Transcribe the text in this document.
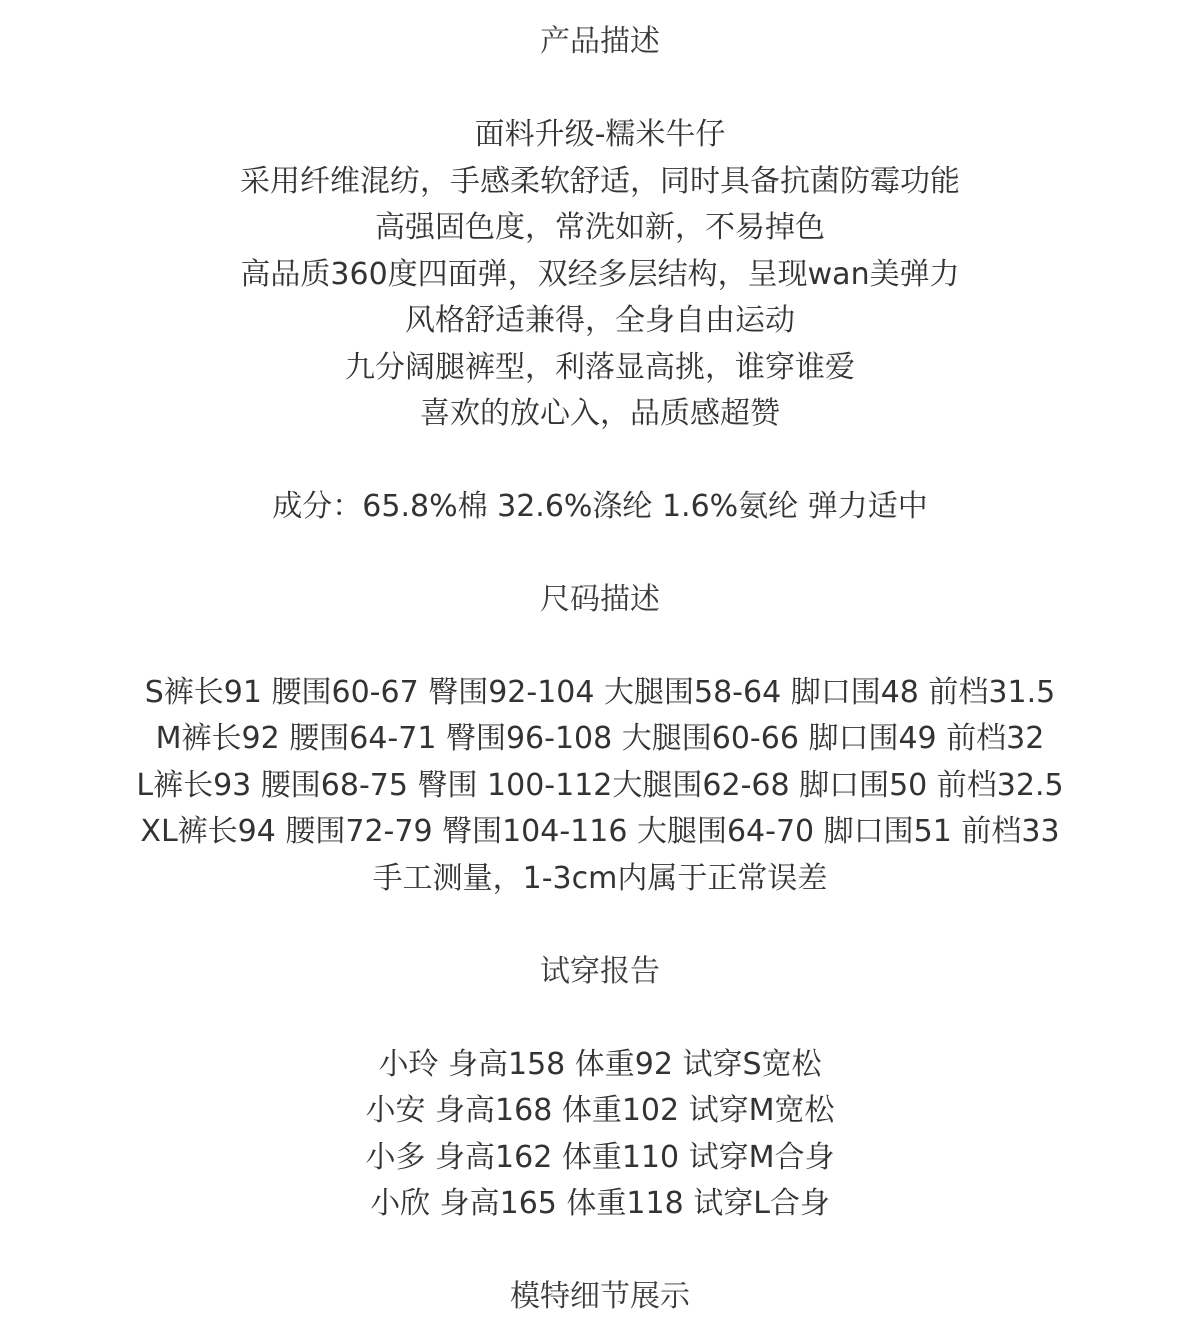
产品描述
面料升级-糯米牛仔
采用纤维混纺，手感柔软舒适，同时具备抗菌防霉功能
高强固色度，常洗如新，不易掉色
高品质360度四面弹，双经多层结构，呈现wan美弹力
风格舒适兼得，全身自由运动
九分阔腿裤型，利落显高挑，谁穿谁爱
喜欢的放心入，品质感超赞
成分：65.8%棉 32.6%涤纶 1.6%氨纶 弹力适中
尺码描述
S裤长91 腰围60-67 臀围92-104 大腿围58-64 脚口围48 前档31.5
M裤长92 腰围64-71 臀围96-108 大腿围60-66 脚口围49 前档32
L裤长93 腰围68-75 臀围 100-112大腿围62-68 脚口围50 前档32.5
XL裤长94 腰围72-79 臀围104-116 大腿围64-70 脚口围51 前档33
手工测量，1-3cm内属于正常误差
试穿报告
小玲 身高158 体重92 试穿S宽松
小安 身高168 体重102 试穿M宽松
小多 身高162 体重110 试穿M合身
小欣 身高165 体重118 试穿L合身
模特细节展示
